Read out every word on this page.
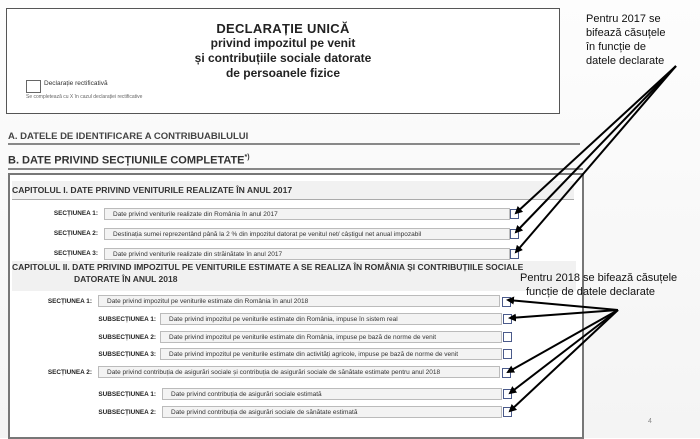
DECLARAȚIE UNICĂ
privind impozitul pe venit
și contribuțiile sociale datorate
de persoanele fizice
Declarație rectificativă
Se completează cu X în cazul declarației rectificative
A. DATELE DE IDENTIFICARE A CONTRIBUABILULUI
B. DATE PRIVIND SECȚIUNILE COMPLETATE*)
CAPITOLUL I. DATE PRIVIND VENITURILE REALIZATE ÎN ANUL 2017
SECȚIUNEA 1:	Date privind veniturile realizate din România în anul 2017
SECȚIUNEA 2:	Destinația sumei reprezentând până la 2 % din impozitul datorat pe venitul net/ câștigul net anual impozabil
SECȚIUNEA 3:	Date privind veniturile realizate din străinătate în anul 2017
CAPITOLUL II. DATE PRIVIND IMPOZITUL PE VENITURILE ESTIMATE A SE REALIZA ÎN ROMÂNIA ȘI CONTRIBUȚIILE SOCIALE
DATORATE ÎN ANUL 2018
SECȚIUNEA 1:	Date privind impozitul pe veniturile estimate din România în anul 2018
SUBSECȚIUNEA 1:	Date privind impozitul pe veniturile estimate din România, impuse în sistem real
SUBSECȚIUNEA 2:	Date privind impozitul pe veniturile estimate din România, impuse pe bază de norme de venit
SUBSECȚIUNEA 3:	Date privind impozitul pe veniturile estimate din activități agricole, impuse pe bază de norme de venit
SECȚIUNEA 2:	Date privind contribuția de asigurări sociale și contribuția de asigurări sociale de sănătate estimate pentru anul 2018
SUBSECȚIUNEA 1:	Date privind contribuția de asigurări sociale estimată
SUBSECȚIUNEA 2:	Date privind contribuția de asigurări sociale de sănătate estimată
Pentru 2017 se
bifează căsuțele
în funcție de
datele declarate
Pentru 2018 se bifează căsuțele
funcție de datele declarate
4
